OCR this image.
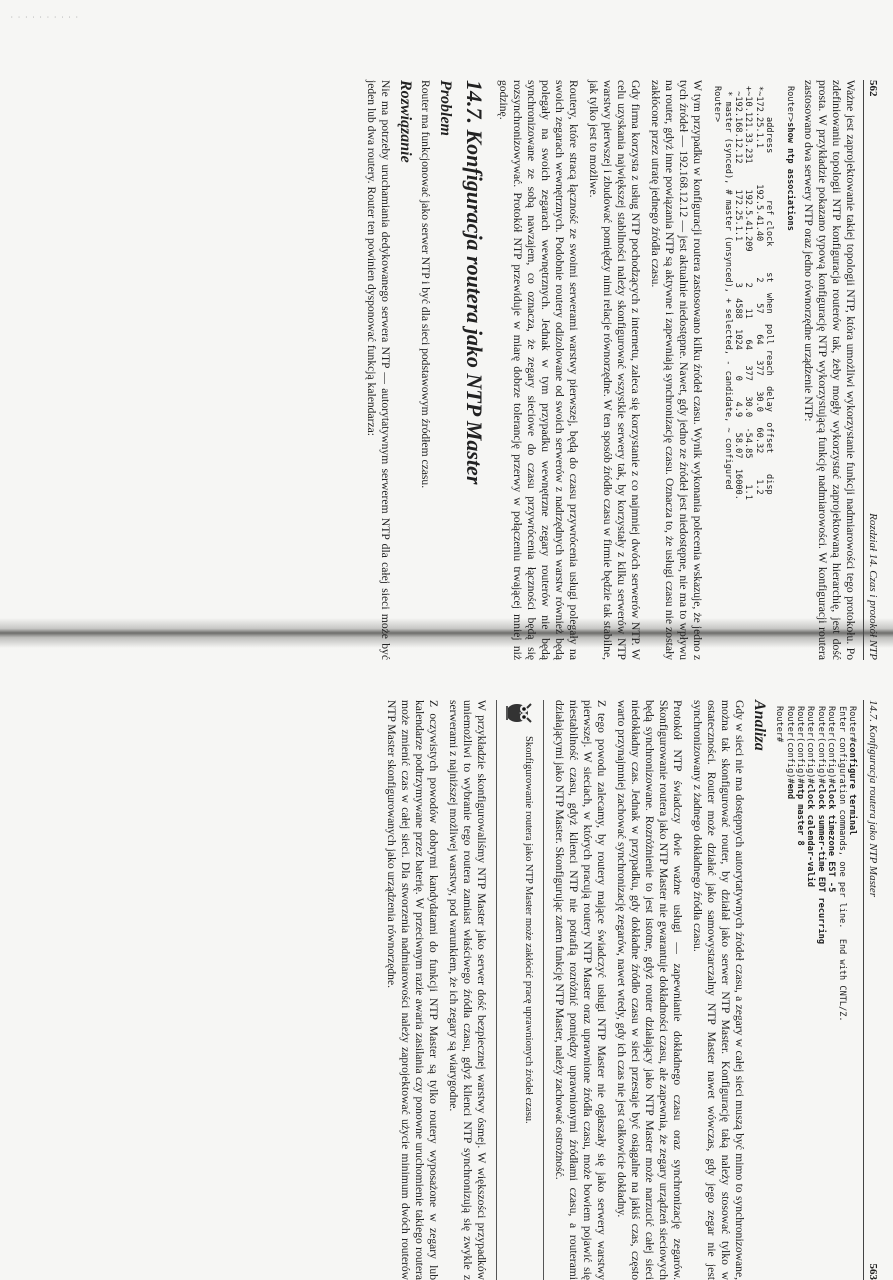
· · · · · · · · · ·
562
Rozdział 14. Czas i protokół NTP

Ważne jest zaprojektowanie takiej topologii NTP, która umożliwi wykorzystanie funkcji nadmiarowości tego protokołu. Po zdefiniowaniu topologii NTP konfiguracja routerów tak, żeby mogły wykorzystać zaprojektowaną hierarchię, jest dość prosta. W przykładzie pokazano typową konfigurację NTP wykorzystującą funkcję nadmiarowości. W konfiguracji routera zastosowano dwa serwery NTP oraz jedno równorzędne urządzenie NTP:

Router>show ntp associations

address         ref clock     st  when  poll reach  delay  offset    disp
*~172.25.1.1       192.5.41.40       2    57    64   377   30.0   60.32     1.2
+~10.121.33.231     192.5.41.209      2    11    64   377   30.0  -54.85     1.1
~192.168.12.12     172.25.1.1        3  4588  1024     0    4.9   58.07  16000.
* master (synced), # master (unsynced), + selected, - candidate, ~ configured
Router>

W tym przypadku w konfiguracji routera zastosowano kilku źródeł czasu. Wynik wykonania polecenia wskazuje, że jedno z tych źródeł — 192.168.12.12 — jest aktualnie niedostępne. Nawet, gdy jedno ze źródeł jest niedostępne, nie ma to wpływu na router, gdyż inne powiązania NTP są aktywne i zapewniają synchronizację czasu. Oznacza to, że usługi czasu nie zostały zakłócone przez utratę jednego źródła czasu.

Gdy firma korzysta z usług NTP pochodzących z internetu, zaleca się korzystanie z co najmniej dwóch serwerów NTP. W celu uzyskania największej stabilności należy skonfigurować wszystkie serwery tak, by korzystały z kilku serwerów NTP warstwy pierwszej i zbudować pomiędzy nimi relacje równorzędne. W ten sposób źródło czasu w firmie będzie tak stabilne, jak tylko jest to możliwe.

Routery, które stracą łączność ze swoimi serwerami warstwy pierwszej, będą do czasu przywrócenia usługi polegały na swoich zegarach wewnętrznych. Podobnie routery odizolowane od swoich serwerów z nadrzędnych warstw również będą polegały na swoich zegarach wewnętrznych. Jednak w tym przypadku wewnętrzne zegary routerów nie będą synchronizowane ze sobą nawzajem, co oznacza, że zegary sieciowe do czasu przywrócenia łączności będą się rozsynchronizowywać. Protokół NTP przewiduje w miarę dobrze tolerancję przerwy w połączeniu trwającej mniej niż godzinę.

14.7. Konfiguracja routera jako NTP Master
Problem

Router ma funkcjonować jako serwer NTP i być dla sieci podstawowym źródłem czasu.

Rozwiązanie

Nie ma potrzeby uruchamiania dedykowanego serwera NTP — autorytatywnym serwerem NTP dla całej sieci może być jeden lub dwa routery. Router ten powinien dysponować funkcją kalendarza:

14.7. Konfiguracja routera jako NTP Master
563
Router#configure terminal
Enter configuration commands, one per line.  End with CNTL/Z.
Router(config)#clock timezone EST -5
Router(config)#clock summer-time EDT recurring
Router(config)#clock calendar-valid
Router(config)#ntp master 8
Router(config)#end
Router#
Analiza

Gdy w sieci nie ma dostępnych autorytatywnych źródeł czasu, a zegary w całej sieci muszą być mimo to synchronizowane, można tak skonfigurować router, by działał jako serwer NTP Master. Konfigurację taką należy stosować tylko w ostateczności. Router może działać jako samowystarczalny NTP Master nawet wówczas, gdy jego zegar nie jest synchronizowany z żadnego dokładnego źródła czasu.

Protokół NTP świadczy dwie ważne usługi — zapewnianie dokładnego czasu oraz synchronizację zegarów. Skonfigurowanie routera jako NTP Master nie gwarantuje dokładności czasu, ale zapewnia, że zegary urządzeń sieciowych będą synchronizowane. Rozróżnienie to jest istotne, gdyż router działający jako NTP Master może narzucić całej sieci niedokładny czas. Jednak w przypadku, gdy dokładne źródło czasu w sieci przestaje być osiągalne na jakiś czas, często warto przynajmniej zachować synchronizację zegarów, nawet wtedy, gdy ich czas nie jest całkowicie dokładny.

Z tego powodu zalecamy, by routery mające świadczyć usługi NTP Master nie ogłaszały się jako serwery warstwy pierwszej. W sieciach, w których pracują routery NTP Master oraz uprawnione źródła czasu, może bowiem pojawić się niestabilność czasu, gdyż klienci NTP nie potrafią rozróżnić pomiędzy uprawnionymi źródłami czasu, a routerami działającymi jako NTP Master. Skonfigurując zatem funkcję NTP Master, należy zachować ostrożność.

Skonfigurowanie routera jako NTP Master może zakłócić pracę uprawnionych źródeł czasu.

W przykładzie skonfigurowaliśmy NTP Master jako serwer dość bezpiecznej warstwy ósmej. W większości przypadków uniemożliwi to wybranie tego routera zamiast właściwego źródła czasu, gdyż klienci NTP synchronizują się zwykle z serwerami z najniższej możliwej warstwy, pod warunkiem, że ich zegary są wiarygodne.

Z oczywistych powodów dobrymi kandydatami do funkcji NTP Master są tylko routery wyposażone w zegary lub kalendarze podtrzymywane przez baterię. W przeciwnym razie awaria zasilania czy ponowne uruchomienie takiego routera może zmienić czas w całej sieci. Dla stworzenia nadmiarowości należy zaprojektować użycie minimum dwóch routerów NTP Master skonfigurowanych jako urządzenia równorzędne.
